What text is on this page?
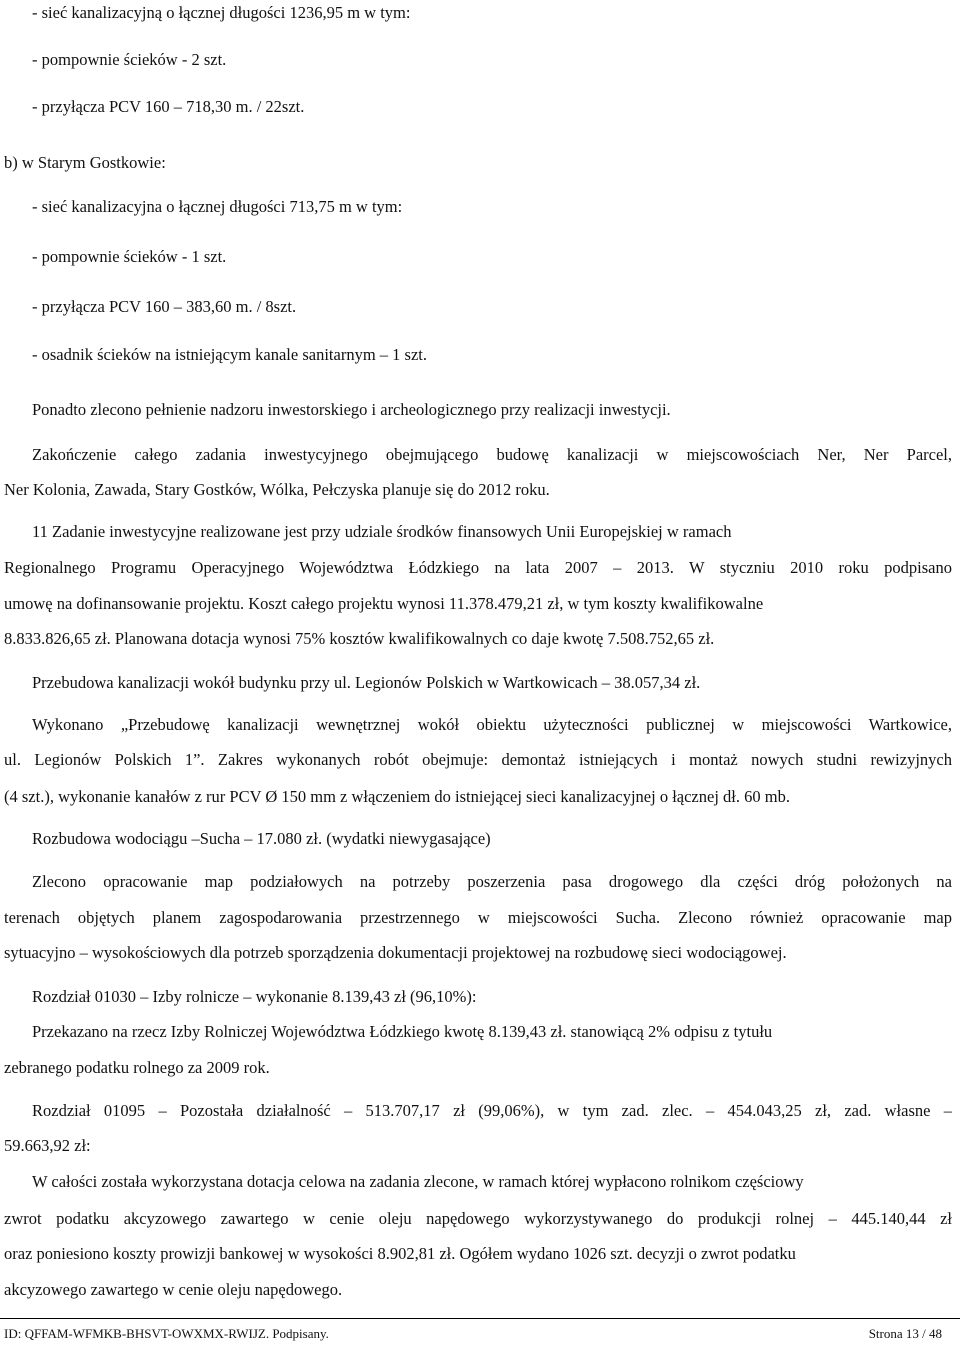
- sieć kanalizacyjną o łącznej długości 1236,95 m w tym:
- pompownie ścieków - 2 szt.
- przyłącza PCV 160 – 718,30 m. / 22szt.
b) w Starym Gostkowie:
- sieć kanalizacyjna o łącznej długości 713,75 m w tym:
- pompownie ścieków - 1 szt.
- przyłącza PCV 160 – 383,60 m. / 8szt.
- osadnik ścieków na istniejącym kanale sanitarnym – 1 szt.
Ponadto zlecono pełnienie nadzoru inwestorskiego i archeologicznego przy realizacji inwestycji.
Zakończenie całego zadania inwestycyjnego obejmującego budowę kanalizacji w miejscowościach Ner, Ner Parcel,
Ner Kolonia, Zawada, Stary Gostków, Wólka, Pełczyska planuje się do 2012 roku.
11 Zadanie inwestycyjne realizowane jest przy udziale środków finansowych Unii Europejskiej w ramach
Regionalnego Programu Operacyjnego Województwa Łódzkiego na lata 2007 – 2013. W styczniu 2010 roku podpisano
umowę na dofinansowanie projektu. Koszt całego projektu wynosi 11.378.479,21 zł, w tym koszty kwalifikowalne
8.833.826,65 zł. Planowana dotacja wynosi 75% kosztów kwalifikowalnych co daje kwotę 7.508.752,65 zł.
Przebudowa kanalizacji wokół budynku przy ul. Legionów Polskich w Wartkowicach – 38.057,34 zł.
Wykonano „Przebudowę kanalizacji wewnętrznej wokół obiektu użyteczności publicznej w miejscowości Wartkowice,
ul. Legionów Polskich 1”. Zakres wykonanych robót obejmuje: demontaż istniejących i montaż nowych studni rewizyjnych
(4 szt.), wykonanie kanałów z rur PCV Ø 150 mm z włączeniem do istniejącej sieci kanalizacyjnej o łącznej dł. 60 mb.
Rozbudowa wodociągu –Sucha – 17.080 zł. (wydatki niewygasające)
Zlecono opracowanie map podziałowych na potrzeby poszerzenia pasa drogowego dla części dróg położonych na
terenach objętych planem zagospodarowania przestrzennego w miejscowości Sucha. Zlecono również opracowanie map
sytuacyjno – wysokościowych dla potrzeb sporządzenia dokumentacji projektowej na rozbudowę sieci wodociągowej.
Rozdział 01030 – Izby rolnicze – wykonanie 8.139,43 zł (96,10%):
Przekazano na rzecz Izby Rolniczej Województwa Łódzkiego kwotę 8.139,43 zł. stanowiącą 2% odpisu z tytułu
zebranego podatku rolnego za 2009 rok.
Rozdział 01095 – Pozostała działalność – 513.707,17 zł (99,06%), w tym zad. zlec. – 454.043,25 zł, zad. własne –
59.663,92 zł:
W całości została wykorzystana dotacja celowa na zadania zlecone, w ramach której wypłacono rolnikom częściowy
zwrot podatku akcyzowego zawartego w cenie oleju napędowego wykorzystywanego do produkcji rolnej – 445.140,44 zł
oraz poniesiono koszty prowizji bankowej w wysokości 8.902,81 zł. Ogółem wydano 1026 szt. decyzji o zwrot podatku
akcyzowego zawartego w cenie oleju napędowego.
ID: QFFAM-WFMKB-BHSVT-OWXMX-RWIJZ. Podpisany.	Strona 13 / 48
